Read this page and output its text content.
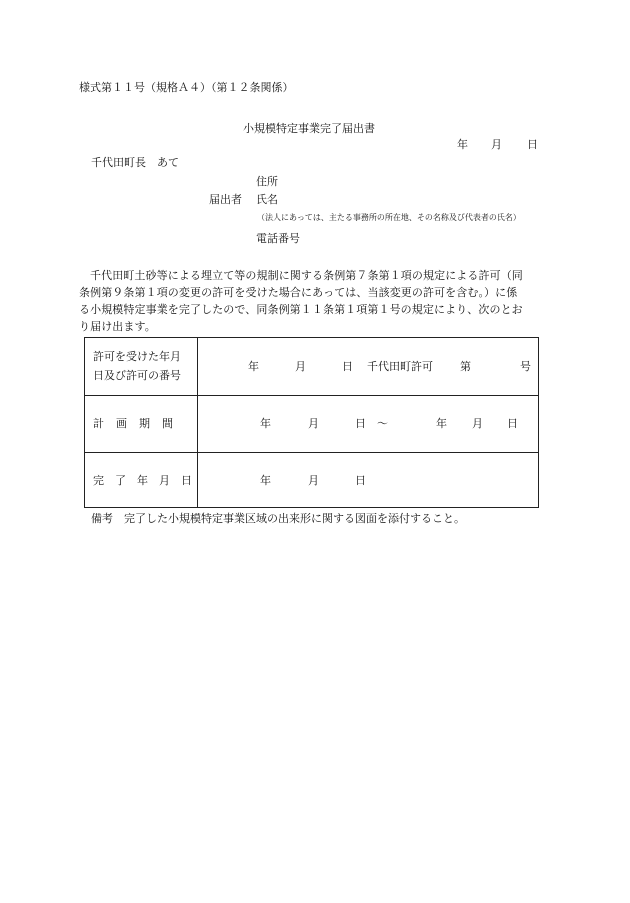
様式第１１号（規格Ａ４）（第１２条関係）
小規模特定事業完了届出書
年 月 日
千代田町長　あて
住所
届出者 氏名
（法人にあっては、主たる事務所の所在地、その名称及び代表者の氏名）
電話番号
千代田町土砂等による埋立て等の規制に関する条例第７条第１項の規定による許可（同
条例第９条第１項の変更の許可を受けた場合にあっては、当該変更の許可を含む。）に係
る小規模特定事業を完了したので、同条例第１１条第１項第１号の規定により、次のとお
り届け出ます。
許可を受けた年月
日及び許可の番号
年	月	日 千代田町許可 第	号
計　画　期　間	年	月	日 ～	年 月 日
完　了　年　月　日	年	月	日
備考　完了した小規模特定事業区域の出来形に関する図面を添付すること。
